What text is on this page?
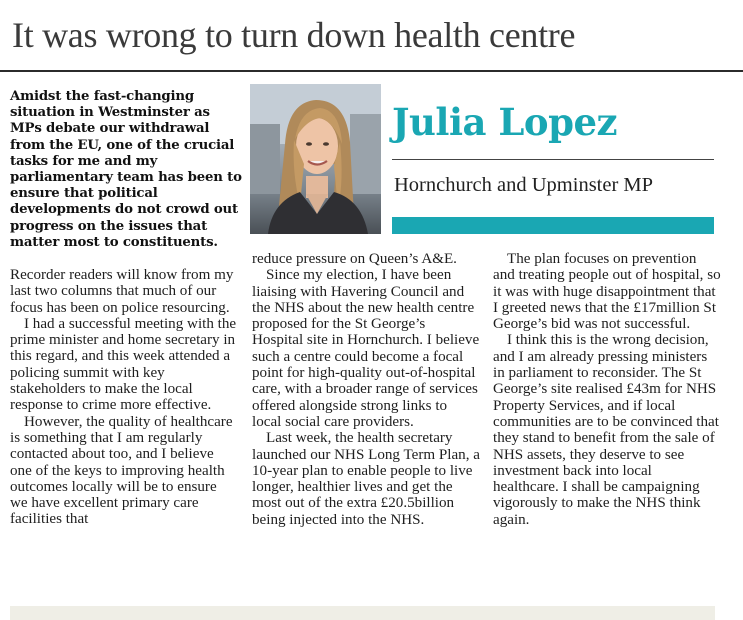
It was wrong to turn down health centre
Amidst the fast-changing situation in Westminster as MPs debate our withdrawal from the EU, one of the crucial tasks for me and my parliamentary team has been to ensure that political developments do not crowd out progress on the issues that matter most to constituents.
Julia Lopez
Hornchurch and Upminster MP

Recorder readers will know from my last two columns that much of our focus has been on police resourcing.

I had a successful meeting with the prime minister and home secretary in this regard, and this week attended a policing summit with key stakeholders to make the local response to crime more effective.

However, the quality of healthcare is something that I am regularly contacted about too, and I believe one of the keys to improving health outcomes locally will be to ensure we have excellent primary care facilities that

reduce pressure on Queen’s A&E.

Since my election, I have been liaising with Havering Council and the NHS about the new health centre proposed for the St George’s Hospital site in Hornchurch. I believe such a centre could become a focal point for high-quality out-of-hospital care, with a broader range of services offered alongside strong links to local social care providers.

Last week, the health secretary launched our NHS Long Term Plan, a 10-year plan to enable people to live longer, healthier lives and get the most out of the extra £20.5billion being injected into the NHS.

The plan focuses on prevention and treating people out of hospital, so it was with huge disappointment that I greeted news that the £17million St George’s bid was not successful.

I think this is the wrong decision, and I am already pressing ministers in parliament to reconsider. The St George’s site realised £43m for NHS Property Services, and if local communities are to be convinced that they stand to benefit from the sale of NHS assets, they deserve to see investment back into local healthcare. I shall be campaigning vigorously to make the NHS think again.
